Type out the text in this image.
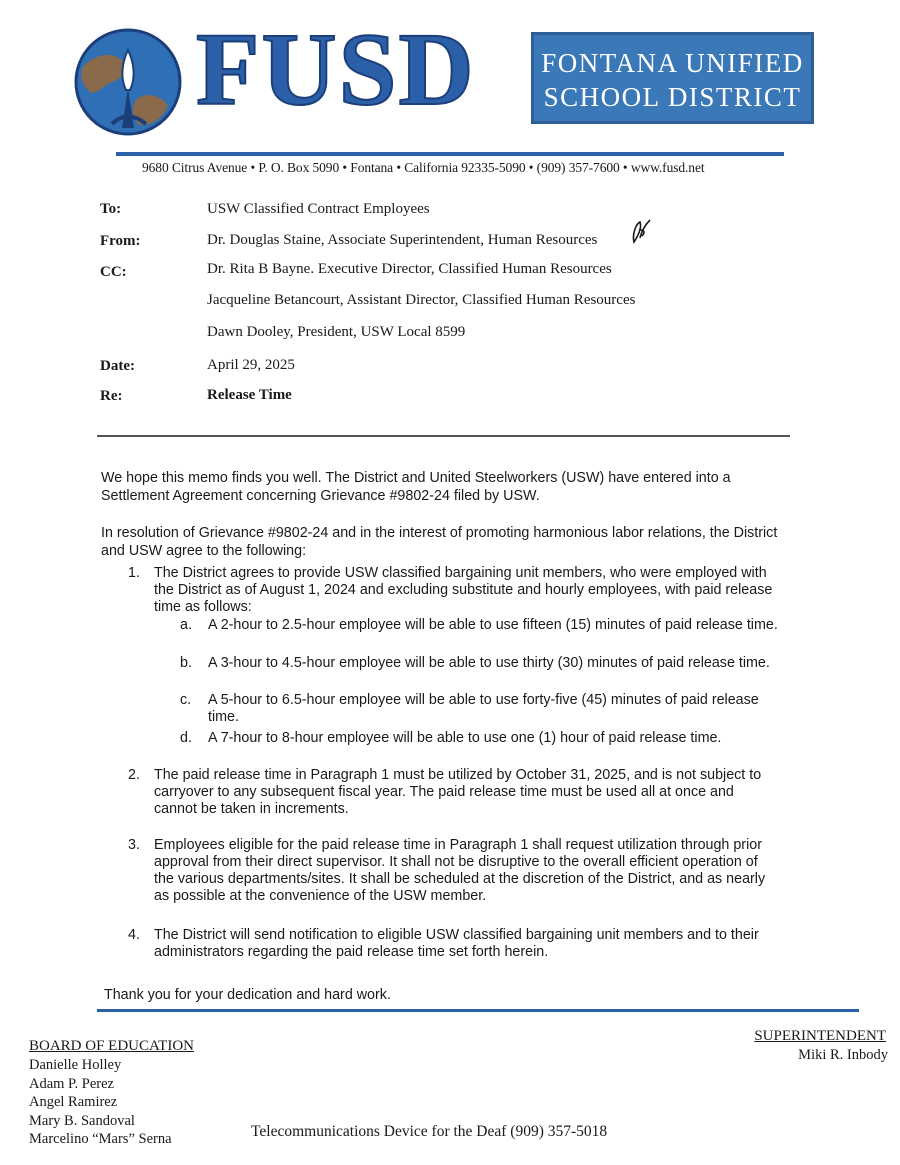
FUSD FONTANA UNIFIED
SCHOOL DISTRICT
9680 Citrus Avenue • P. O. Box 5090 • Fontana • California 92335-5090 • (909) 357-7600 • www.fusd.net
To:	USW Classified Contract Employees
From:	Dr. Douglas Staine, Associate Superintendent, Human Resources
CC:	Dr. Rita B Bayne. Executive Director, Classified Human Resources
Jacqueline Betancourt, Assistant Director, Classified Human Resources
Dawn Dooley, President, USW Local 8599
Date:	April 29, 2025
Re:	Release Time
We hope this memo finds you well. The District and United Steelworkers (USW) have entered into a Settlement Agreement concerning Grievance #9802-24 filed by USW.
In resolution of Grievance #9802-24 and in the interest of promoting harmonious labor relations, the District and USW agree to the following:
1. The District agrees to provide USW classified bargaining unit members, who were employed with the District as of August 1, 2024 and excluding substitute and hourly employees, with paid release time as follows:
a.	A 2-hour to 2.5-hour employee will be able to use fifteen (15) minutes of paid release time.
b.	A 3-hour to 4.5-hour employee will be able to use thirty (30) minutes of paid release time.
c.	A 5-hour to 6.5-hour employee will be able to use forty-five (45) minutes of paid release time.
d.	A 7-hour to 8-hour employee will be able to use one (1) hour of paid release time.
2. The paid release time in Paragraph 1 must be utilized by October 31, 2025, and is not subject to carryover to any subsequent fiscal year. The paid release time must be used all at once and cannot be taken in increments.
3. Employees eligible for the paid release time in Paragraph 1 shall request utilization through prior approval from their direct supervisor. It shall not be disruptive to the overall efficient operation of the various departments/sites. It shall be scheduled at the discretion of the District, and as nearly as possible at the convenience of the USW member.
4. The District will send notification to eligible USW classified bargaining unit members and to their administrators regarding the paid release time set forth herein.
Thank you for your dedication and hard work.
BOARD OF EDUCATION
Danielle Holley
Adam P. Perez
Angel Ramirez
Mary B. Sandoval
Marcelino “Mars” Serna
SUPERINTENDENT
Miki R. Inbody
Telecommunications Device for the Deaf (909) 357-5018
